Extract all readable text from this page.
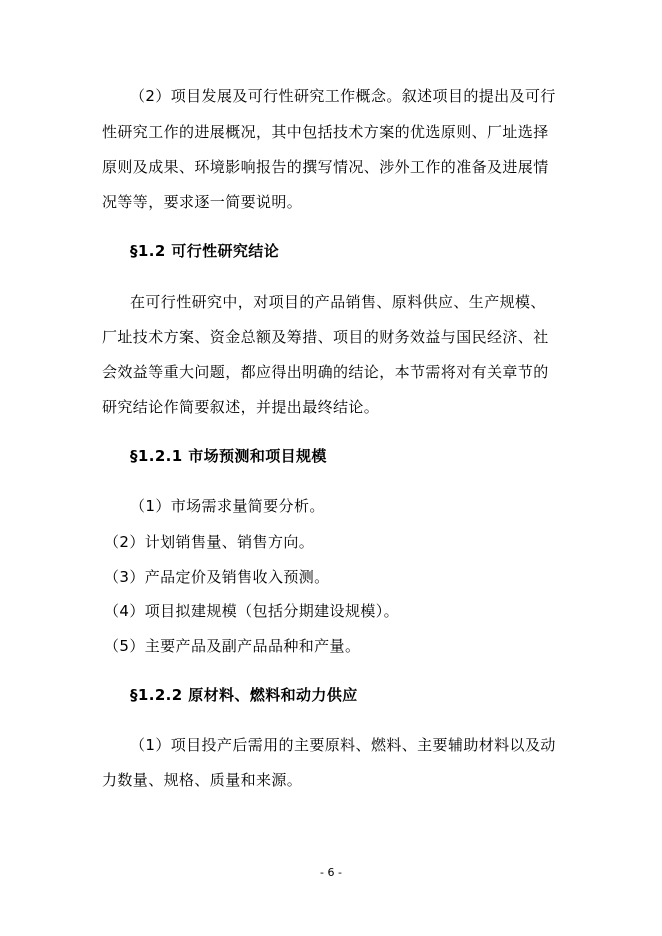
（2）项目发展及可行性研究工作概念。叙述项目的提出及可行
性研究工作的进展概况，其中包括技术方案的优选原则、厂址选择
原则及成果、环境影响报告的撰写情况、涉外工作的准备及进展情
况等等，要求逐一简要说明。
§1.2 可行性研究结论
在可行性研究中，对项目的产品销售、原料供应、生产规模、
厂址技术方案、资金总额及筹措、项目的财务效益与国民经济、社
会效益等重大问题，都应得出明确的结论，本节需将对有关章节的
研究结论作简要叙述，并提出最终结论。
§1.2.1 市场预测和项目规模
（1）市场需求量简要分析。
（2）计划销售量、销售方向。
（3）产品定价及销售收入预测。
（4）项目拟建规模（包括分期建设规模）。
（5）主要产品及副产品品种和产量。
§1.2.2 原材料、燃料和动力供应
（1）项目投产后需用的主要原料、燃料、主要辅助材料以及动
力数量、规格、质量和来源。
- 6 -
